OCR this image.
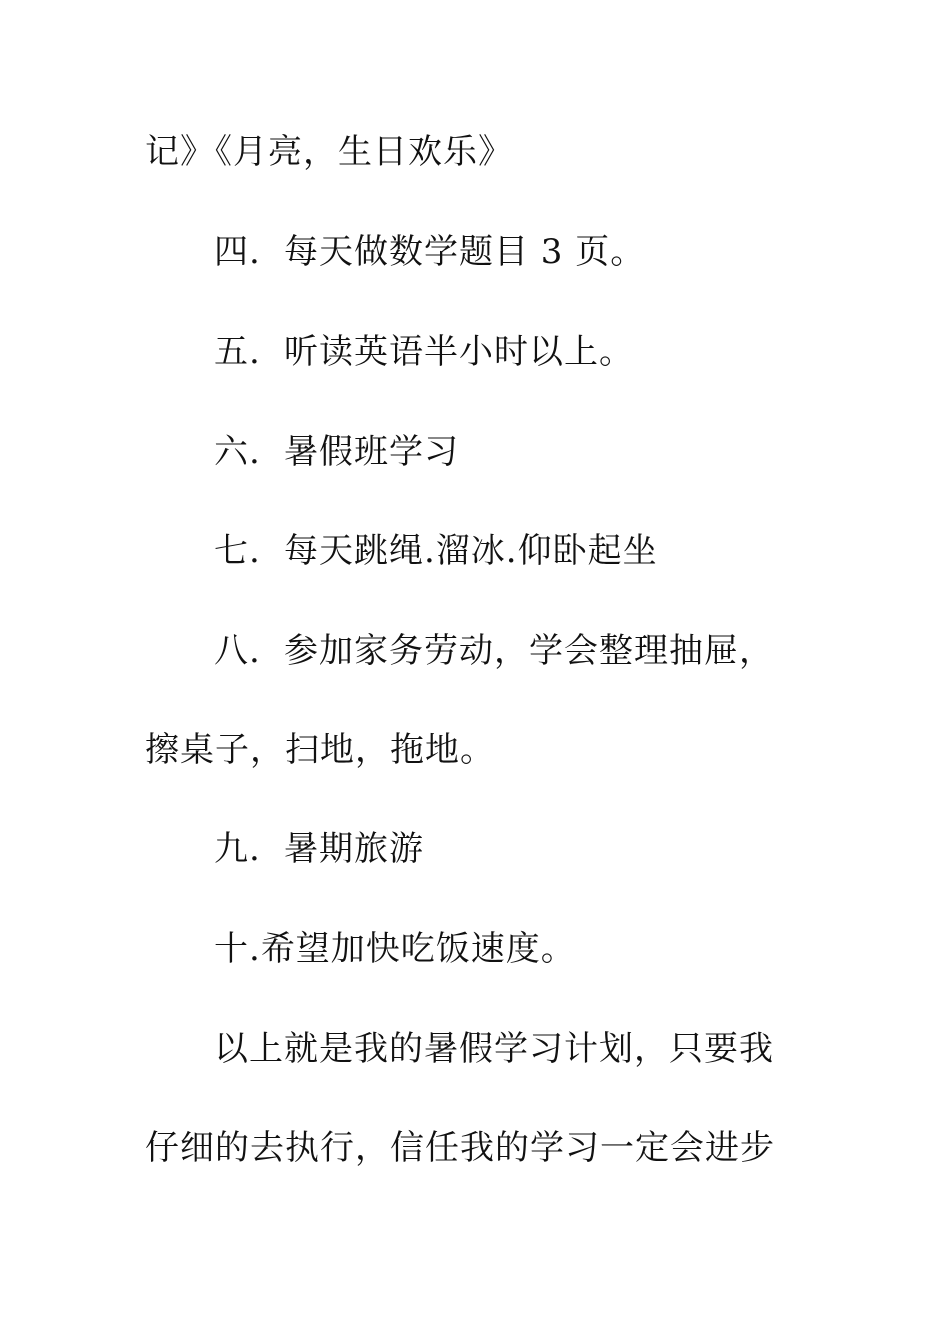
记》《月亮，生日欢乐》
四. 每天做数学题目 3 页。
五. 听读英语半小时以上。
六. 暑假班学习
七. 每天跳绳.溜冰.仰卧起坐
八. 参加家务劳动，学会整理抽屉，
擦桌子，扫地，拖地。
九. 暑期旅游
十.希望加快吃饭速度。
以上就是我的暑假学习计划，只要我
仔细的去执行，信任我的学习一定会进步
